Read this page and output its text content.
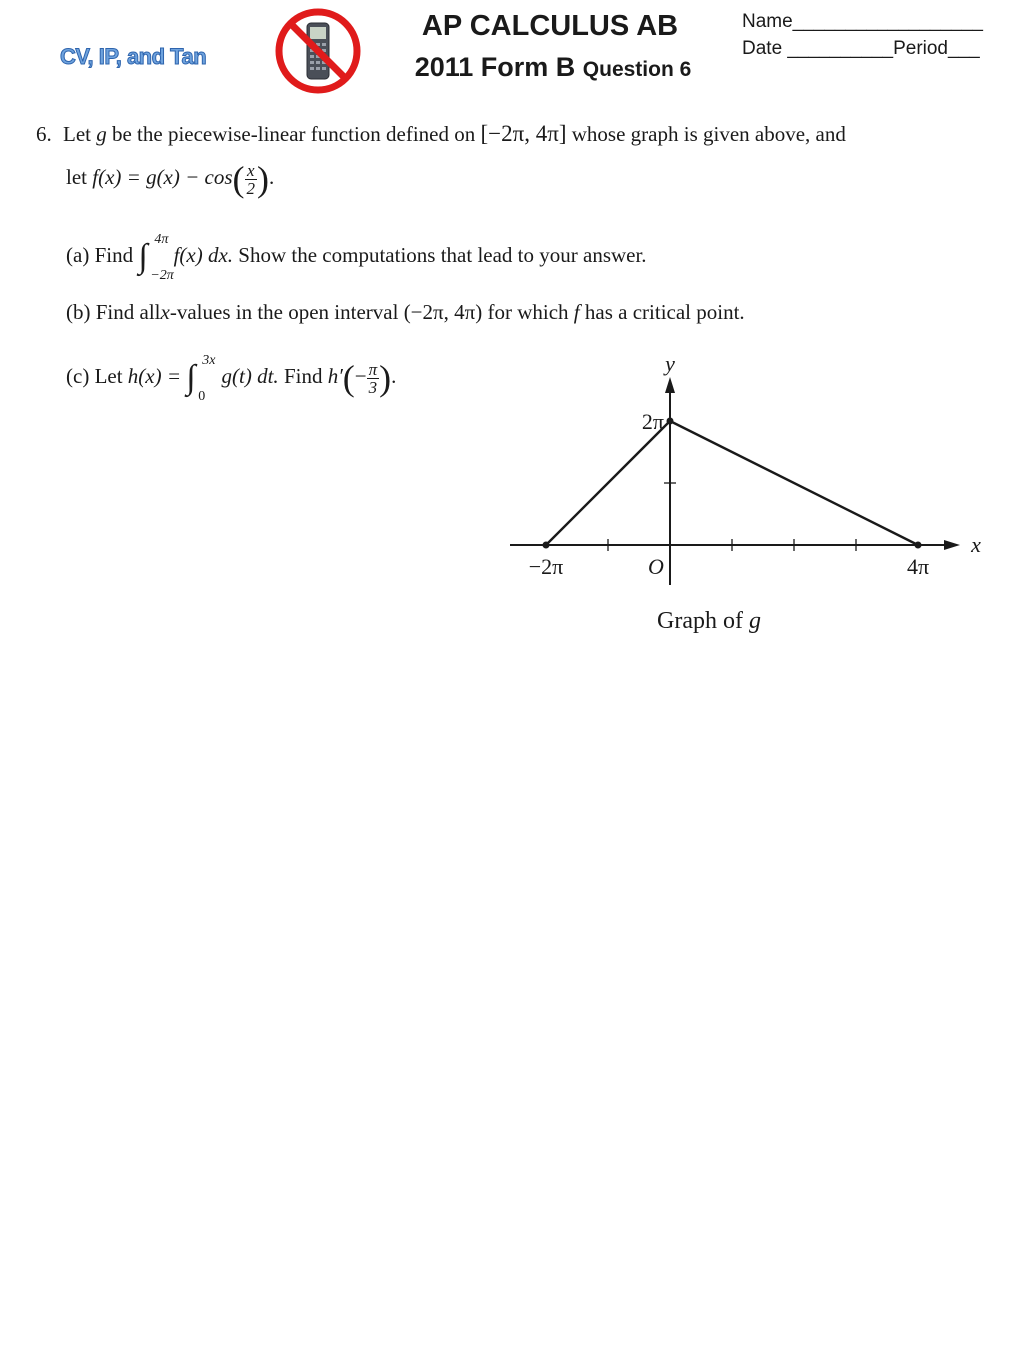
CV, IP, and Tan
AP CALCULUS AB
2011 Form B Question 6
Name__________________
Date __________Period___
6. Let g be the piecewise-linear function defined on [−2π, 4π] whose graph is given above, and
let $f(x) = g(x) - \cos( \frac{x}{2}$ ).
(a) Find ∫ 4π
−2π
f(x) dx. Show the computations that lead to your answer.
(b) Find allx-values in the open interval (−2π, 4π) for which f has a critical point.
(c) Let h(x) = ∫ 3x
0
g(t) dt. Find $h'(- \frac{\pi}{3}$ ).
−2π	4π
2π
O
x
y
Graph of g
